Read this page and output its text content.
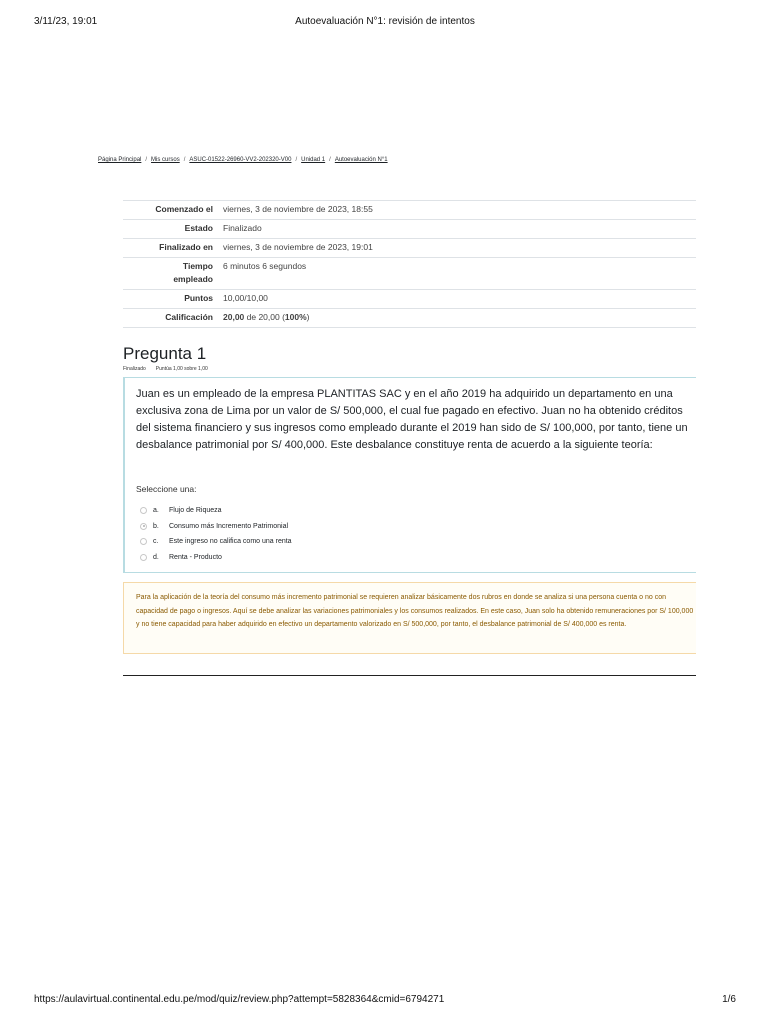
3/11/23, 19:01	Autoevaluación N°1: revisión de intentos
Página Principal / Mis cursos / ASUC-01522-26960-VV2-202320-V00 / Unidad 1 / Autoevaluación N°1
Comenzado el	viernes, 3 de noviembre de 2023, 18:55
Estado	Finalizado
Finalizado en	viernes, 3 de noviembre de 2023, 19:01
Tiempo
empleado	6 minutos 6 segundos
Puntos	10,00/10,00
Calificación	20,00 de 20,00 (100%)
Pregunta 1
Finalizado Puntúa 1,00 sobre 1,00
Juan es un empleado de la empresa PLANTITAS SAC y en el año 2019 ha adquirido un departamento en una exclusiva zona de Lima por un valor de S/ 500,000, el cual fue pagado en efectivo. Juan no ha obtenido créditos del sistema financiero y sus ingresos como empleado durante el 2019 han sido de S/ 100,000, por tanto, tiene un desbalance patrimonial por S/ 400,000. Este desbalance constituye renta de acuerdo a la siguiente teoría:
Seleccione una:
a.	Flujo de Riqueza
b.	Consumo más Incremento Patrimonial
c.	Este ingreso no califica como una renta
d.	Renta - Producto
Para la aplicación de la teoría del consumo más incremento patrimonial se requieren analizar básicamente dos rubros en donde se analiza si una persona cuenta o no con capacidad de pago o ingresos. Aquí se debe analizar las variaciones patrimoniales y los consumos realizados. En este caso, Juan solo ha obtenido remuneraciones por S/ 100,000 y no tiene capacidad para haber adquirido en efectivo un departamento valorizado en S/ 500,000, por tanto, el desbalance patrimonial de S/ 400,000 es renta.
https://aulavirtual.continental.edu.pe/mod/quiz/review.php?attempt=5828364&cmid=6794271	1/6
